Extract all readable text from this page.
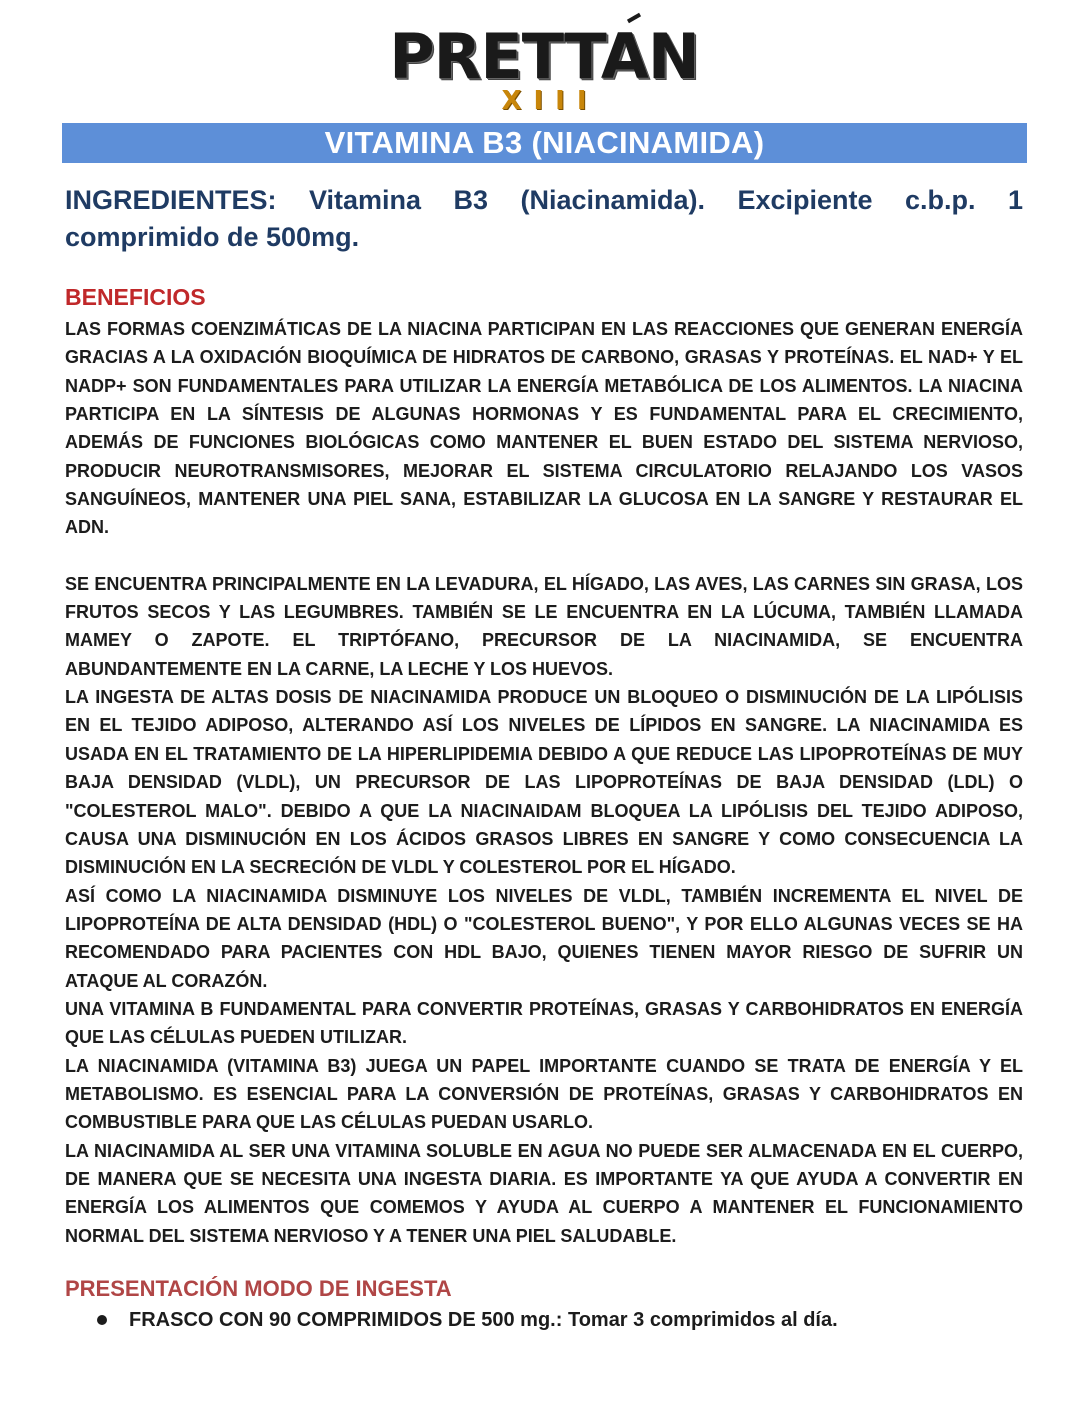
PRETTAN
XIII
VITAMINA B3 (NIACINAMIDA)

INGREDIENTES: Vitamina B3 (Niacinamida). Excipiente c.b.p. 1 comprimido de 500mg.

BENEFICIOS

LAS FORMAS COENZIMÁTICAS DE LA NIACINA PARTICIPAN EN LAS REACCIONES QUE GENERAN ENERGÍA GRACIAS A LA OXIDACIÓN BIOQUÍMICA DE HIDRATOS DE CARBONO, GRASAS Y PROTEÍNAS. EL NAD+ Y EL NADP+ SON FUNDAMENTALES PARA UTILIZAR LA ENERGÍA METABÓLICA DE LOS ALIMENTOS. LA NIACINA PARTICIPA EN LA SÍNTESIS DE ALGUNAS HORMONAS Y ES FUNDAMENTAL PARA EL CRECIMIENTO, ADEMÁS DE FUNCIONES BIOLÓGICAS COMO MANTENER EL BUEN ESTADO DEL SISTEMA NERVIOSO, PRODUCIR NEUROTRANSMISORES, MEJORAR EL SISTEMA CIRCULATORIO RELAJANDO LOS VASOS SANGUÍNEOS, MANTENER UNA PIEL SANA, ESTABILIZAR LA GLUCOSA EN LA SANGRE Y RESTAURAR EL ADN.

SE ENCUENTRA PRINCIPALMENTE EN LA LEVADURA, EL HÍGADO, LAS AVES, LAS CARNES SIN GRASA, LOS FRUTOS SECOS Y LAS LEGUMBRES. TAMBIÉN SE LE ENCUENTRA EN LA LÚCUMA, TAMBIÉN LLAMADA MAMEY O ZAPOTE. EL TRIPTÓFANO, PRECURSOR DE LA NIACINAMIDA, SE ENCUENTRA ABUNDANTEMENTE EN LA CARNE, LA LECHE Y LOS HUEVOS.

LA INGESTA DE ALTAS DOSIS DE NIACINAMIDA PRODUCE UN BLOQUEO O DISMINUCIÓN DE LA LIPÓLISIS EN EL TEJIDO ADIPOSO, ALTERANDO ASÍ LOS NIVELES DE LÍPIDOS EN SANGRE. LA NIACINAMIDA ES USADA EN EL TRATAMIENTO DE LA HIPERLIPIDEMIA DEBIDO A QUE REDUCE LAS LIPOPROTEÍNAS DE MUY BAJA DENSIDAD (VLDL), UN PRECURSOR DE LAS LIPOPROTEÍNAS DE BAJA DENSIDAD (LDL) O "COLESTEROL MALO". DEBIDO A QUE LA NIACINAIDAM BLOQUEA LA LIPÓLISIS DEL TEJIDO ADIPOSO, CAUSA UNA DISMINUCIÓN EN LOS ÁCIDOS GRASOS LIBRES EN SANGRE Y COMO CONSECUENCIA LA DISMINUCIÓN EN LA SECRECIÓN DE VLDL Y COLESTEROL POR EL HÍGADO.

ASÍ COMO LA NIACINAMIDA DISMINUYE LOS NIVELES DE VLDL, TAMBIÉN INCREMENTA EL NIVEL DE LIPOPROTEÍNA DE ALTA DENSIDAD (HDL) O "COLESTEROL BUENO", Y POR ELLO ALGUNAS VECES SE HA RECOMENDADO PARA PACIENTES CON HDL BAJO, QUIENES TIENEN MAYOR RIESGO DE SUFRIR UN ATAQUE AL CORAZÓN.

UNA VITAMINA B FUNDAMENTAL PARA CONVERTIR PROTEÍNAS, GRASAS Y CARBOHIDRATOS EN ENERGÍA QUE LAS CÉLULAS PUEDEN UTILIZAR.

LA NIACINAMIDA (VITAMINA B3) JUEGA UN PAPEL IMPORTANTE CUANDO SE TRATA DE ENERGÍA Y EL METABOLISMO. ES ESENCIAL PARA LA CONVERSIÓN DE PROTEÍNAS, GRASAS Y CARBOHIDRATOS EN COMBUSTIBLE PARA QUE LAS CÉLULAS PUEDAN USARLO.

LA NIACINAMIDA AL SER UNA VITAMINA SOLUBLE EN AGUA NO PUEDE SER ALMACENADA EN EL CUERPO, DE MANERA QUE SE NECESITA UNA INGESTA DIARIA. ES IMPORTANTE YA QUE AYUDA A CONVERTIR EN ENERGÍA LOS ALIMENTOS QUE COMEMOS Y AYUDA AL CUERPO A MANTENER EL FUNCIONAMIENTO NORMAL DEL SISTEMA NERVIOSO Y A TENER UNA PIEL SALUDABLE.

PRESENTACIÓN MODO DE INGESTA
FRASCO CON 90 COMPRIMIDOS DE 500 mg.: Tomar 3 comprimidos al día.
